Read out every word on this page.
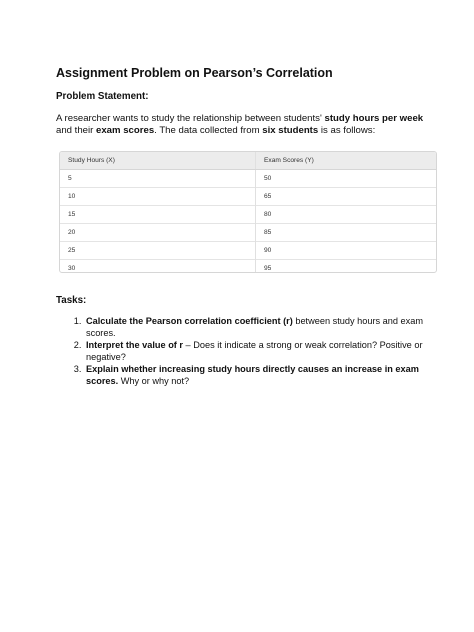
Assignment Problem on Pearson’s Correlation
Problem Statement:

A researcher wants to study the relationship between students' study hours per week and their exam scores. The data collected from six students is as follows:

Study Hours (X)	Exam Scores (Y)
5	50
10	65
15	80
20	85
25	90
30	95
Tasks:
1. Calculate the Pearson correlation coefficient (r) between study hours and exam scores.
2. Interpret the value of r – Does it indicate a strong or weak correlation? Positive or negative?
3. Explain whether increasing study hours directly causes an increase in exam scores. Why or why not?
